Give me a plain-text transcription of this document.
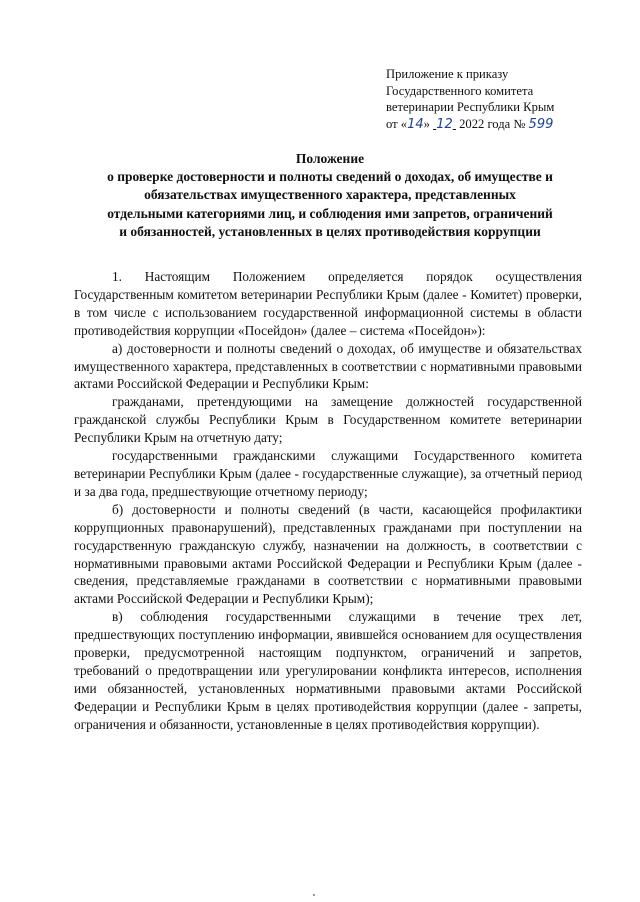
Приложение к приказу
Государственного комитета
ветеринарии Республики Крым
от «14»  12  2022 года № 599
Положение
о проверке достоверности и полноты сведений о доходах, об имуществе и
обязательствах имущественного характера, представленных
отдельными категориями лиц, и соблюдения ими запретов, ограничений
и обязанностей, установленных в целях противодействия коррупции

1. Настоящим Положением определяется порядок осуществления Государственным комитетом ветеринарии Республики Крым (далее - Комитет) проверки, в том числе с использованием государственной информационной системы в области противодействия коррупции «Посейдон» (далее – система «Посейдон»):

а) достоверности и полноты сведений о доходах, об имуществе и обязательствах имущественного характера, представленных в соответствии с нормативными правовыми актами Российской Федерации и Республики Крым:

гражданами, претендующими на замещение должностей государственной гражданской службы Республики Крым в Государственном комитете ветеринарии Республики Крым на отчетную дату;

государственными гражданскими служащими Государственного комитета ветеринарии Республики Крым (далее - государственные служащие), за отчетный период и за два года, предшествующие отчетному периоду;

б) достоверности и полноты сведений (в части, касающейся профилактики коррупционных правонарушений), представленных гражданами при поступлении на государственную гражданскую службу, назначении на должность, в соответствии с нормативными правовыми актами Российской Федерации и Республики Крым (далее - сведения, представляемые гражданами в соответствии с нормативными правовыми актами Российской Федерации и Республики Крым);

в) соблюдения государственными служащими в течение трех лет, предшествующих поступлению информации, явившейся основанием для осуществления проверки, предусмотренной настоящим подпунктом, ограничений и запретов, требований о предотвращении или урегулировании конфликта интересов, исполнения ими обязанностей, установленных нормативными правовыми актами Российской Федерации и Республики Крым в целях противодействия коррупции (далее - запреты, ограничения и обязанности, установленные в целях противодействия коррупции).
